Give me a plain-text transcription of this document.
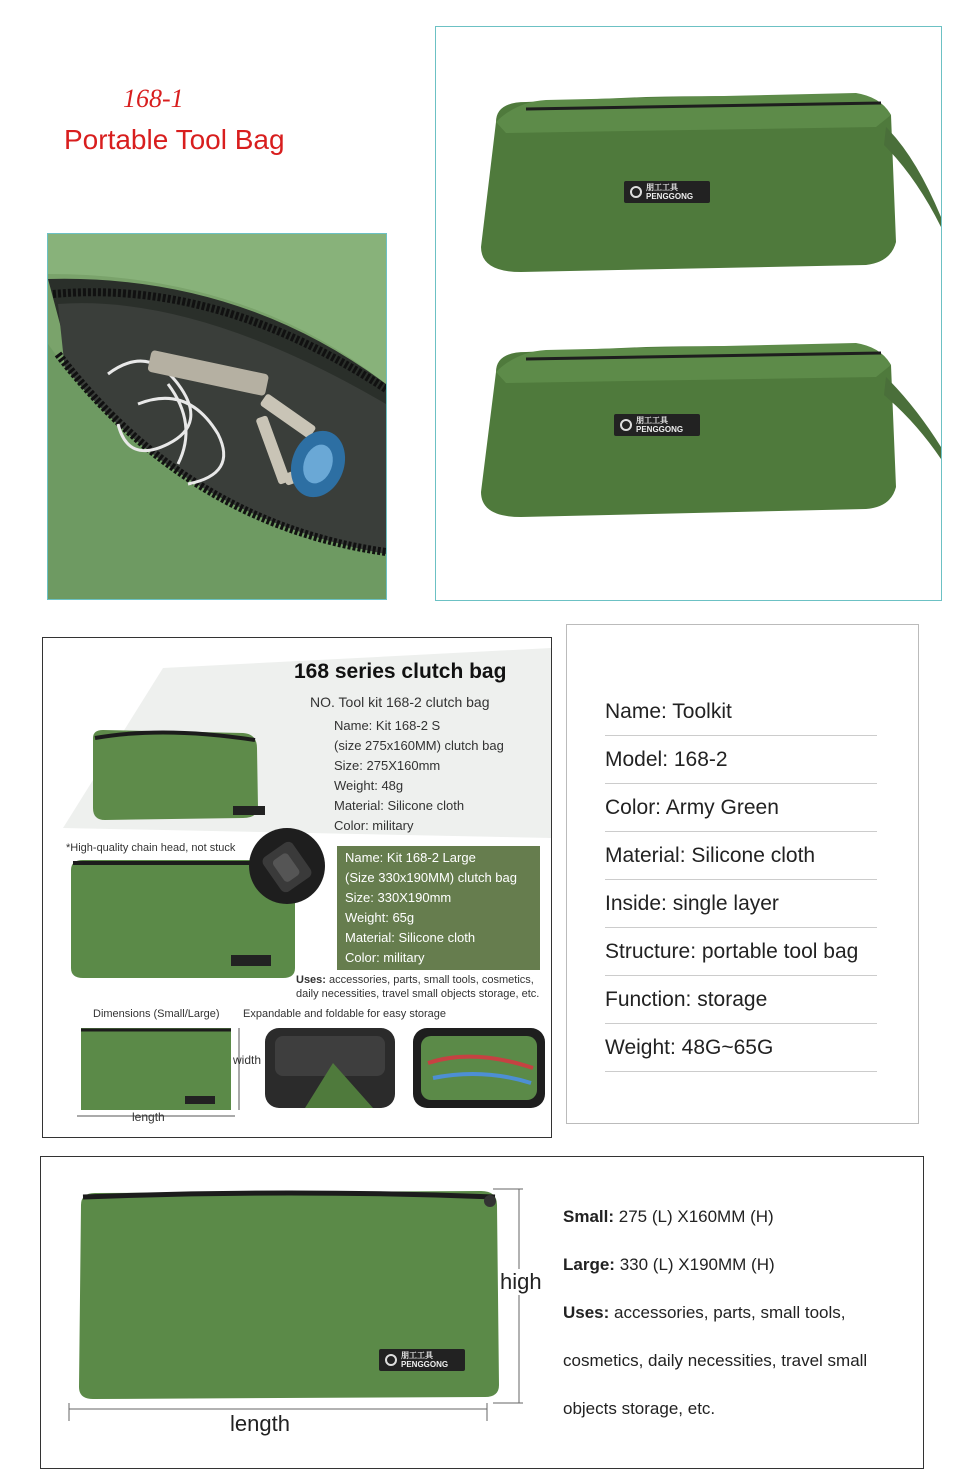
168-1
Portable Tool Bag
朋工工具
PENGGONG
朋工工具
PENGGONG
168 series clutch bag
NO. Tool kit 168-2 clutch bag
Name: Kit 168-2 S
(size 275x160MM) clutch bag
Size: 275X160mm
Weight: 48g
Material: Silicone cloth
Color: military
*High-quality chain head, not stuck
Name: Kit 168-2 Large
(Size 330x190MM) clutch bag
Size: 330X190mm
Weight: 65g
Material: Silicone cloth
Color: military
Uses: accessories, parts, small tools, cosmetics,
daily necessities, travel small objects storage, etc.
Dimensions (Small/Large) Expandable and foldable for easy storage
width
length
Name: Toolkit
Model: 168-2
Color: Army Green
Material: Silicone cloth
Inside: single layer
Structure: portable tool bag
Function: storage
Weight: 48G~65G
朋工工具
PENGGONG
high
length
Small: 275 (L) X160MM (H)
Large: 330 (L) X190MM (H)
Uses: accessories, parts, small tools,
cosmetics, daily necessities, travel small
objects storage, etc.
